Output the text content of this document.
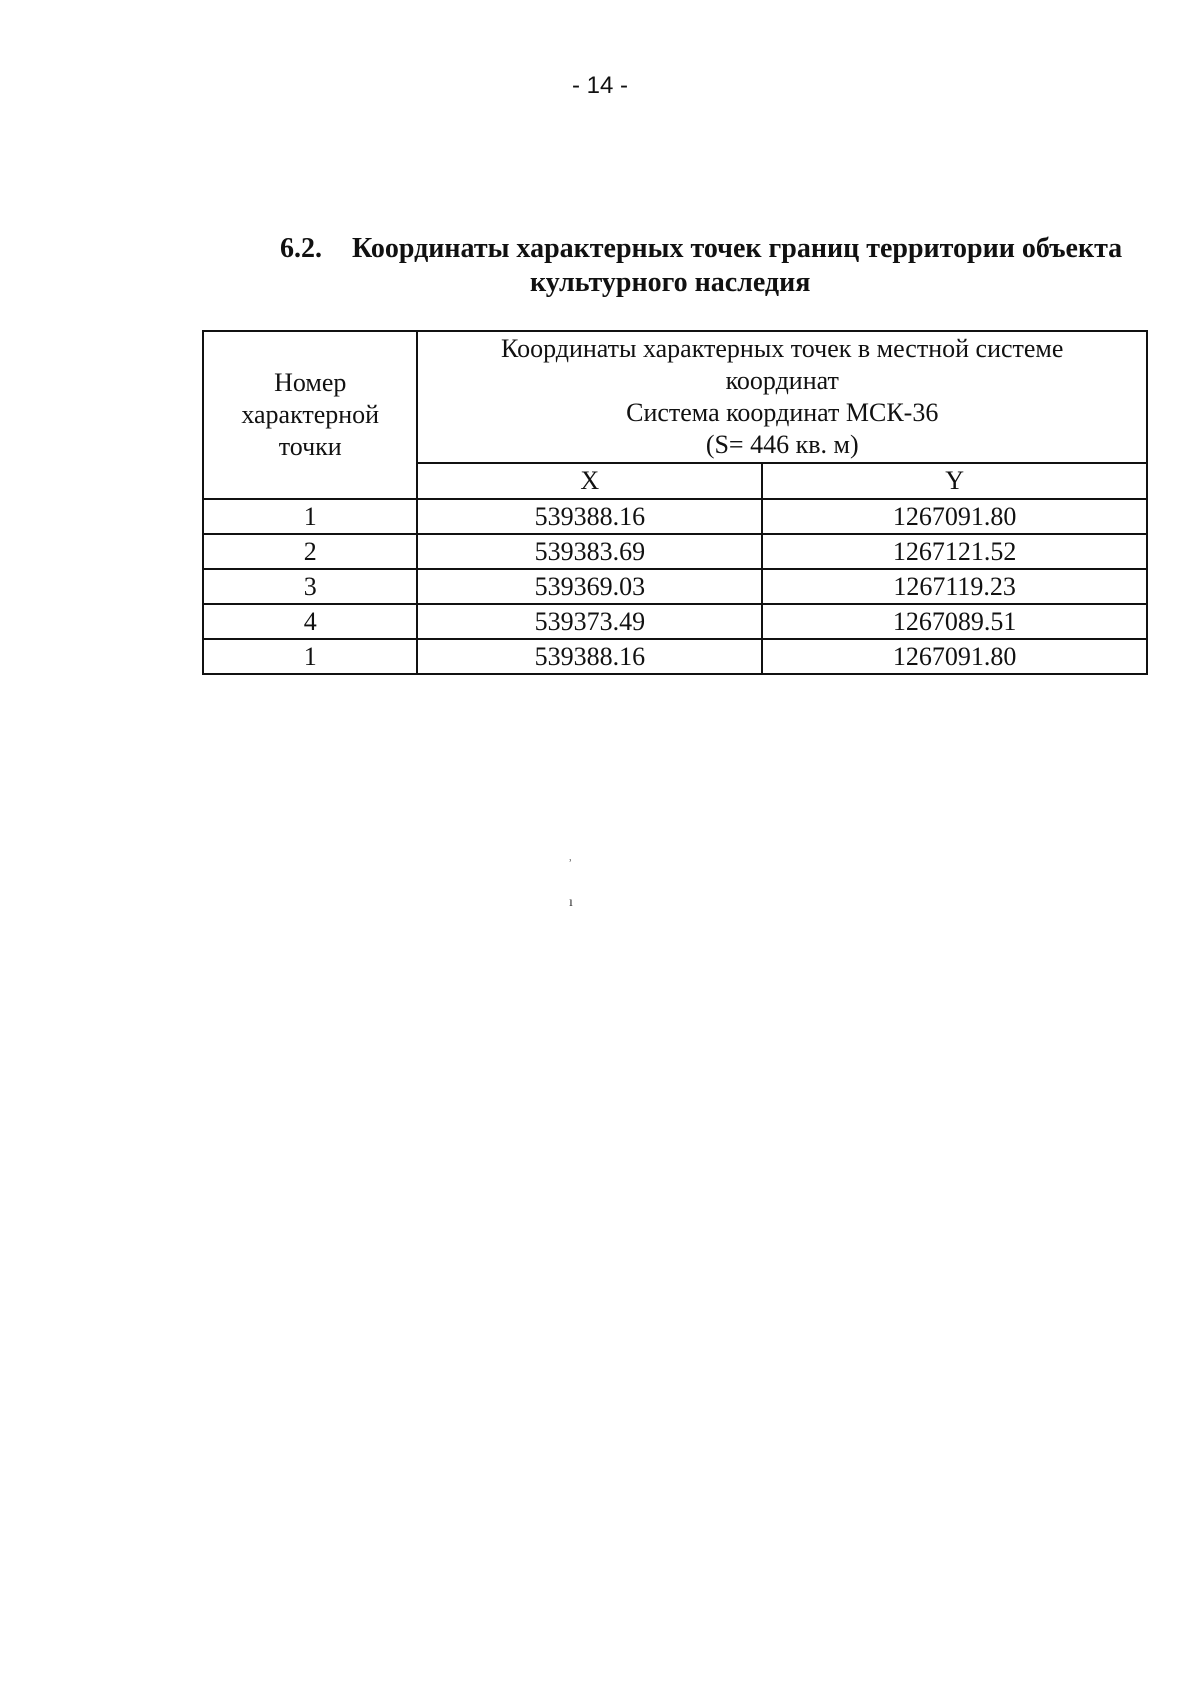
- 14 -
6.2. Координаты характерных точек границ территории объекта
культурного наследия
Номер
характерной
точки	Координаты характерных точек в местной системе
координат
Система координат МСК-36
(S= 446 кв. м)	

	X	Y
1	539388.16	1267091.80
2	539383.69	1267121.52
3	539369.03	1267119.23
4	539373.49	1267089.51
1	539388.16	1267091.80
ʾ
ı
